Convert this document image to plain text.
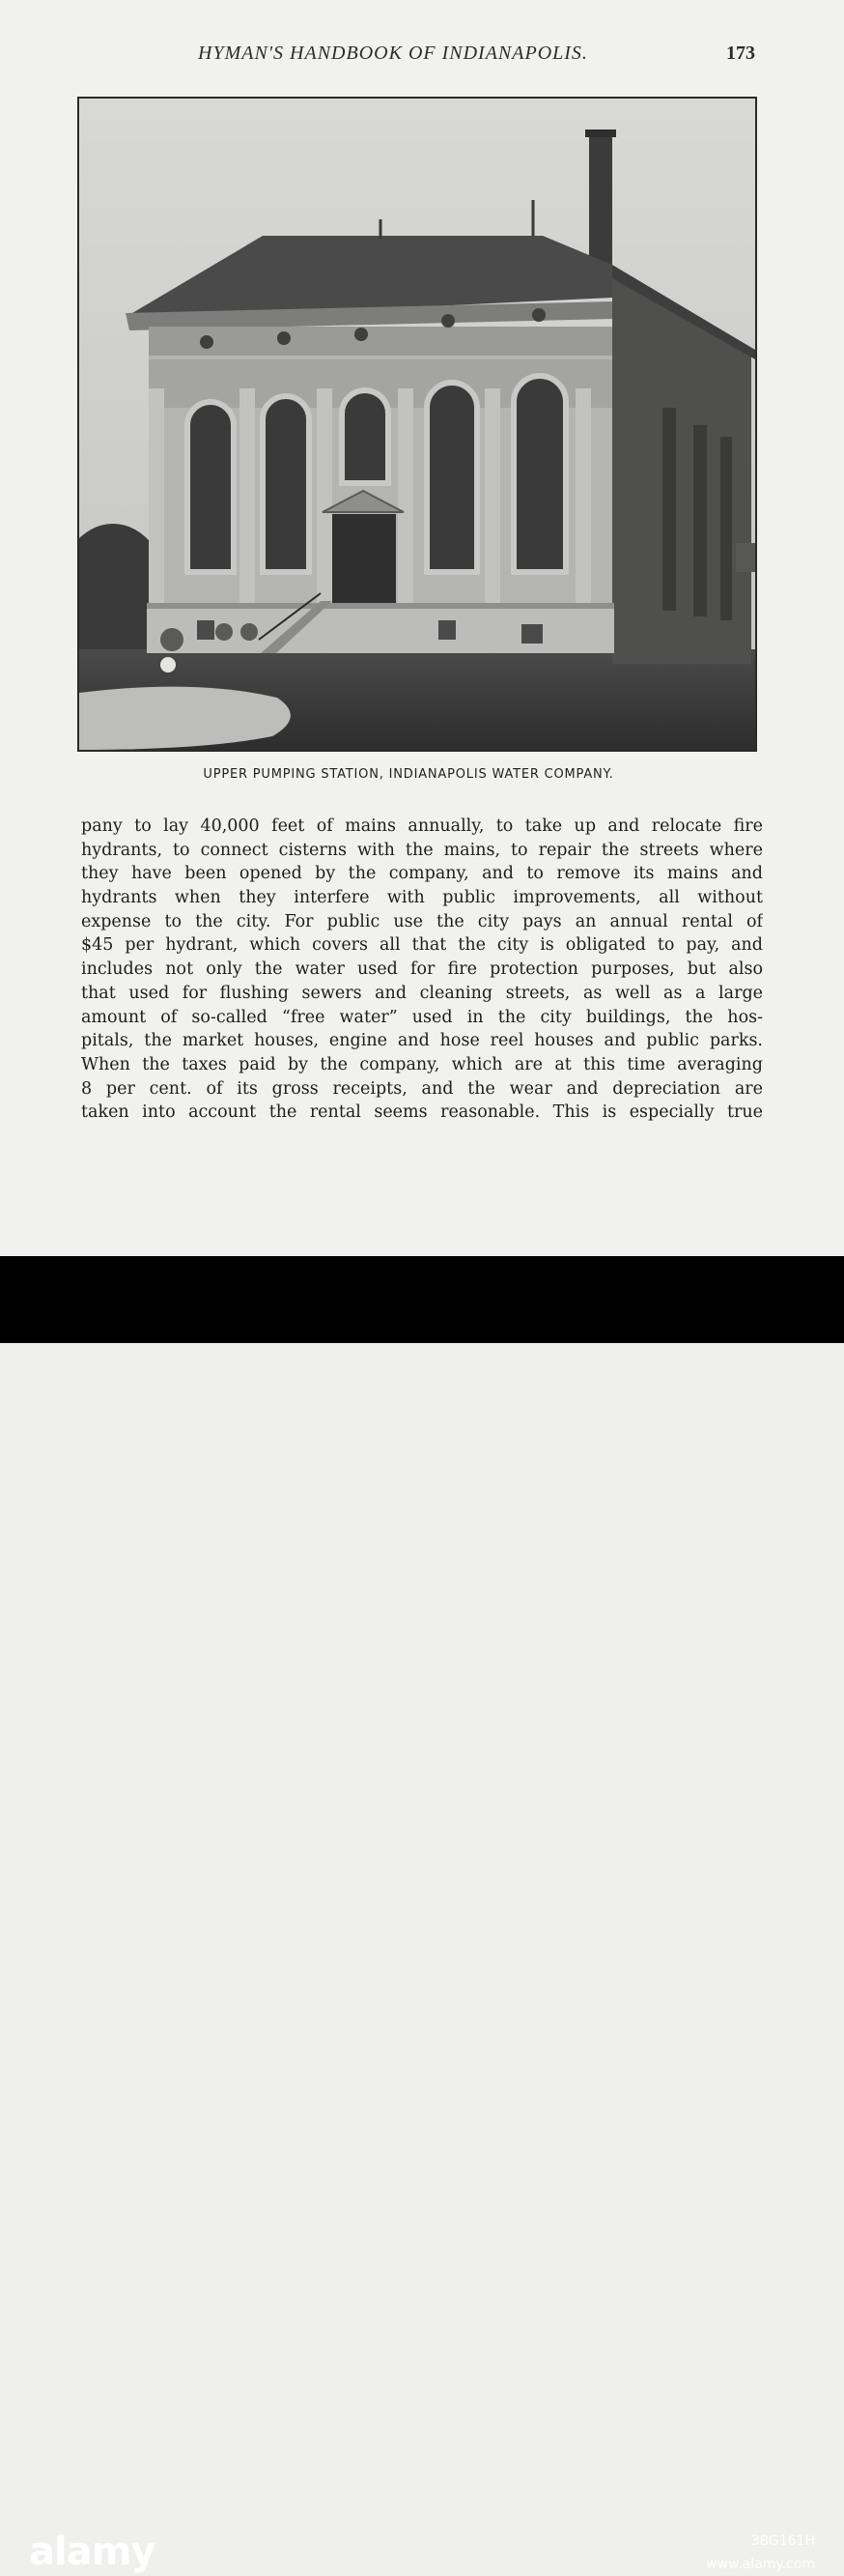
HYMAN'S HANDBOOK OF INDIANAPOLIS.	173
UPPER PUMPING STATION, INDIANAPOLIS WATER COMPANY.
pany to lay 40,000 feet of mains annually, to take up and relocate fire
hydrants, to connect cisterns with the mains, to repair the streets where
they have been opened by the company, and to remove its mains and
hydrants when they interfere with public improvements, all without
expense to the city. For public use the city pays an annual rental of
$45 per hydrant, which covers all that the city is obligated to pay, and
includes not only the water used for fire protection purposes, but also
that used for flushing sewers and cleaning streets, as well as a large
amount of so-called “free water” used in the city buildings, the hos-
pitals, the market houses, engine and hose reel houses and public parks.
When the taxes paid by the company, which are at this time averaging
8 per cent. of its gross receipts, and the wear and depreciation are
taken into account the rental seems reasonable. This is especially true
alamy	3BG161H
www.alamy.com
